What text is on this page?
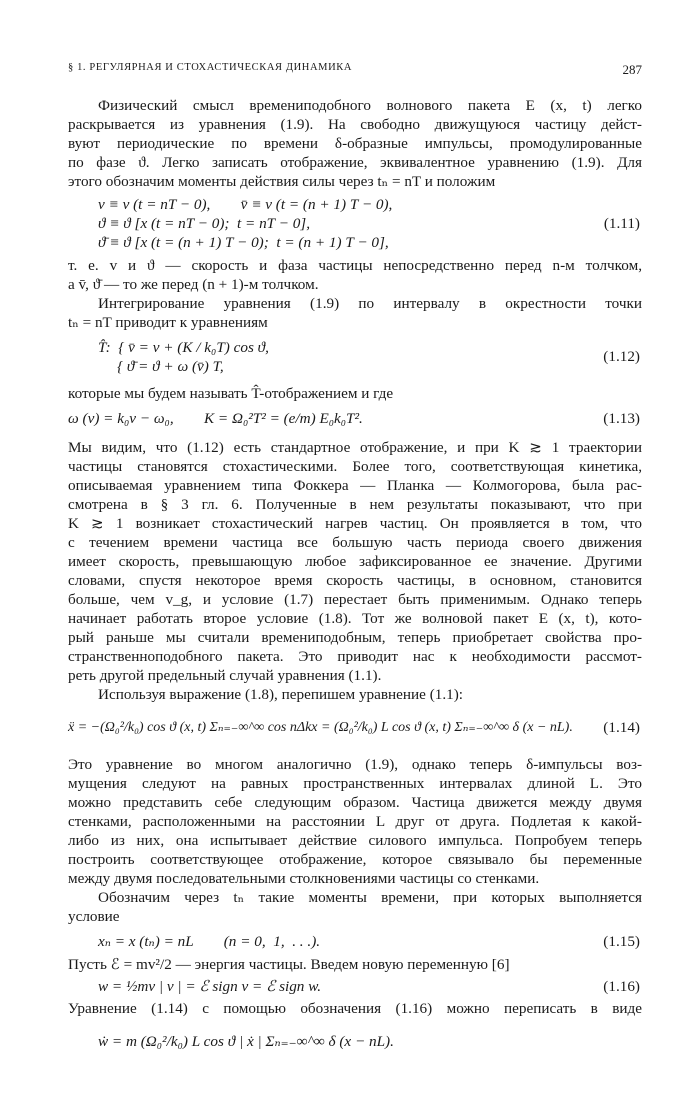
§ 1. РЕГУЛЯРНАЯ И СТОХАСТИЧЕСКАЯ ДИНАМИКА	287
Физический смысл времениподобного волнового пакета E (x, t) легко
раскрывается из уравнения (1.9). На свободно движущуюся частицу дейст-
вуют периодические по времени δ-образные импульсы, промодулированные
по фазе ϑ. Легко записать отображение, эквивалентное уравнению (1.9). Для
этого обозначим моменты действия силы через tₙ = nT и положим
v ≡ v (t = nT − 0),        v̄ ≡ v (t = (n + 1) T − 0),
ϑ ≡ ϑ [x (t = nT − 0);  t = nT − 0],	(1.11)
ϑ̄ ≡ ϑ [x (t = (n + 1) T − 0);  t = (n + 1) T − 0],
т. е. v и ϑ — скорость и фаза частицы непосредственно перед n-м толчком,
а v̄, ϑ̄ — то же перед (n + 1)-м толчком.
Интегрирование уравнения (1.9) по интервалу в окрестности точки
tₙ = nT приводит к уравнениям
T̂:  { v̄ = v + (K / k₀T) cos ϑ,
{ ϑ̄ = ϑ + ω (v̄) T,
(1.12)
которые мы будем называть T̂-отображением и где
ω (v) = k₀v − ω₀,        K = Ω₀²T² = (e/m) E₀k₀T².	(1.13)
Мы видим, что (1.12) есть стандартное отображение, и при K ≳ 1 траектории
частицы становятся стохастическими. Более того, соответствующая кинетика,
описываемая уравнением типа Фоккера — Планка — Колмогорова, была рас-
смотрена в § 3 гл. 6. Полученные в нем результаты показывают, что при
K ≳ 1 возникает стохастический нагрев частиц. Он проявляется в том, что
с течением времени частица все большую часть периода своего движения
имеет скорость, превышающую любое зафиксированное ее значение. Другими
словами, спустя некоторое время скорость частицы, в основном, становится
больше, чем v_g, и условие (1.7) перестает быть применимым. Однако теперь
начинает работать второе условие (1.8). Тот же волновой пакет E (x, t), кото-
рый раньше мы считали времениподобным, теперь приобретает свойства про-
странственноподобного пакета. Это приводит нас к необходимости рассмот-
реть другой предельный случай уравнения (1.1).
Используя выражение (1.8), перепишем уравнение (1.1):
ẍ = −(Ω₀²/k₀) cos ϑ (x, t) Σₙ₌₋∞^∞ cos nΔkx = (Ω₀²/k₀) L cos ϑ (x, t) Σₙ₌₋∞^∞ δ (x − nL). (1.14)
Это уравнение во многом аналогично (1.9), однако теперь δ-импульсы воз-
мущения следуют на равных пространственных интервалах длиной L. Это
можно представить себе следующим образом. Частица движется между двумя
стенками, расположенными на расстоянии L друг от друга. Подлетая к какой-
либо из них, она испытывает действие силового импульса. Попробуем теперь
построить соответствующее отображение, которое связывало бы переменные
между двумя последовательными столкновениями частицы со стенками.
Обозначим через tₙ такие моменты времени, при которых выполняется
условие
xₙ = x (tₙ) = nL        (n = 0,  1,  . . .).	(1.15)
Пусть ℰ = mv²/2 — энергия частицы. Введем новую переменную [6]
w = ½mv | v | = ℰ sign v = ℰ sign w.	(1.16)
Уравнение (1.14) с помощью обозначения (1.16) можно переписать в виде
ẇ = m (Ω₀²/k₀) L cos ϑ | ẋ | Σₙ₌₋∞^∞ δ (x − nL).
